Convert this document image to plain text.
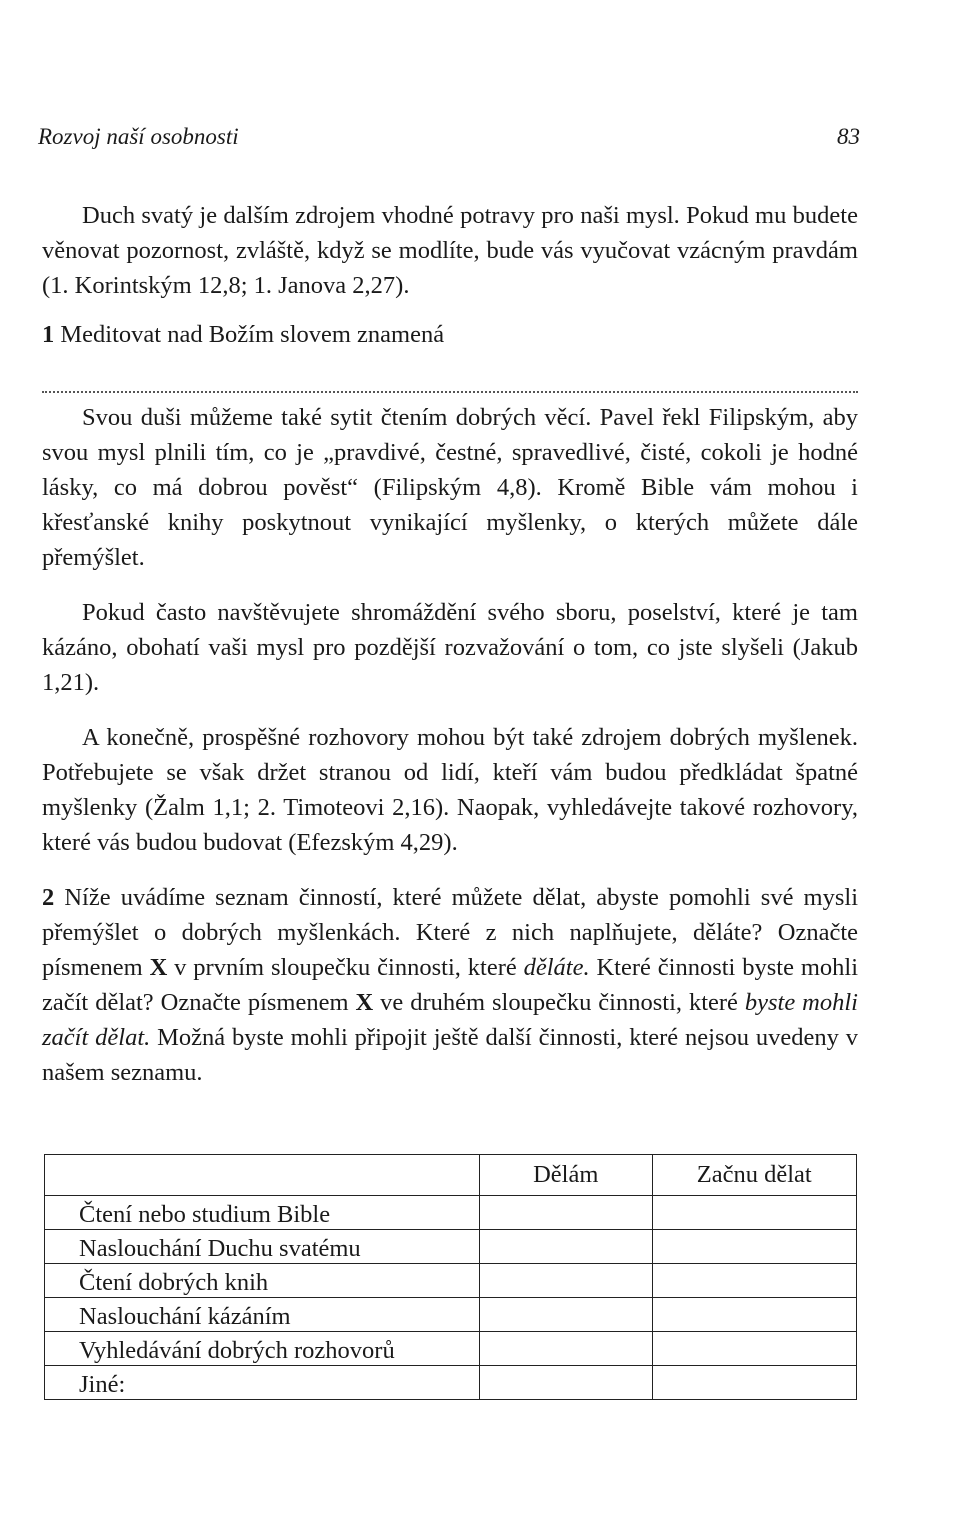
Rozvoj naší osobnosti	83

Duch svatý je dalším zdrojem vhodné potravy pro naši mysl. Pokud mu budete věnovat pozornost, zvláště, když se modlíte, bude vás vyučovat vzácným pravdám (1. Korintským 12,8; 1. Janova 2,27).

1 Meditovat nad Božím slovem znamená

Svou duši můžeme také sytit čtením dobrých věcí. Pavel řekl Filipským, aby svou mysl plnili tím, co je „pravdivé, čestné, spravedlivé, čisté, cokoli je hodné lásky, co má dobrou pověst“ (Filipským 4,8). Kromě Bible vám mohou i křesťanské knihy poskytnout vynikající myšlenky, o kterých můžete dále přemýšlet.

Pokud často navštěvujete shromáždění svého sboru, poselství, které je tam kázáno, obohatí vaši mysl pro pozdější rozvažování o tom, co jste slyšeli (Jakub 1,21).

A konečně, prospěšné rozhovory mohou být také zdrojem dobrých myšlenek. Potřebujete se však držet stranou od lidí, kteří vám budou předkládat špatné myšlenky (Žalm 1,1; 2. Timoteovi 2,16). Naopak, vyhledávejte takové rozhovory, které vás budou budovat (Efezským 4,29).

2 Níže uvádíme seznam činností, které můžete dělat, abyste pomohli své mysli přemýšlet o dobrých myšlenkách. Které z nich naplňujete, děláte? Označte písmenem X v prvním sloupečku činnosti, které děláte. Které činnosti byste mohli začít dělat? Označte písmenem X ve druhém sloupečku činnosti, které byste mohli začít dělat. Možná byste mohli připojit ještě další činnosti, které nejsou uvedeny v našem seznamu.

	Dělám	Začnu dělat
Čtení nebo studium Bible		
Naslouchání Duchu svatému		
Čtení dobrých knih		
Naslouchání kázáním		
Vyhledávání dobrých rozhovorů		
Jiné:		
